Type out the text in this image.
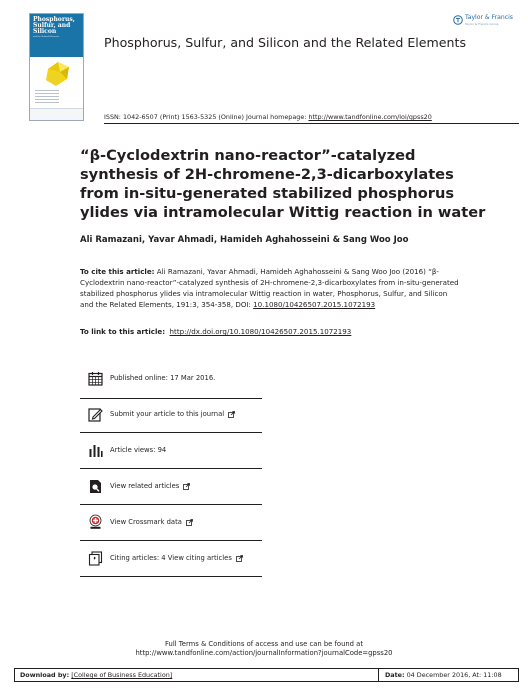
Phosphorus,
Sulfur, and
Silicon
and the Related Elements	Phosphorus, Sulfur, and Silicon and the Related Elements
Taylor & Francis
Taylor & Francis Group
ISSN: 1042-6507 (Print) 1563-5325 (Online) Journal homepage: http://www.tandfonline.com/loi/gpss20
“β-Cyclodextrin nano-reactor”-catalyzed synthesis of 2H-chromene-2,3-dicarboxylates from in-situ-generated stabilized phosphorus ylides via intramolecular Wittig reaction in water
Ali Ramazani, Yavar Ahmadi, Hamideh Aghahosseini & Sang Woo Joo
To cite this article: Ali Ramazani, Yavar Ahmadi, Hamideh Aghahosseini & Sang Woo Joo (2016) “β-Cyclodextrin nano-reactor”-catalyzed synthesis of 2H-chromene-2,3-dicarboxylates from in-situ-generated stabilized phosphorus ylides via intramolecular Wittig reaction in water, Phosphorus, Sulfur, and Silicon and the Related Elements, 191:3, 354-358, DOI: 10.1080/10426507.2015.1072193
To link to this article: http://dx.doi.org/10.1080/10426507.2015.1072193
Published online: 17 Mar 2016.
Submit your article to this journal
Article views: 94
View related articles
View Crossmark data
Citing articles: 4 View citing articles
Full Terms & Conditions of access and use can be found at
http://www.tandfonline.com/action/journalInformation?journalCode=gpss20
Download by: [College of Business Education]	Date: 04 December 2016, At: 11:08
